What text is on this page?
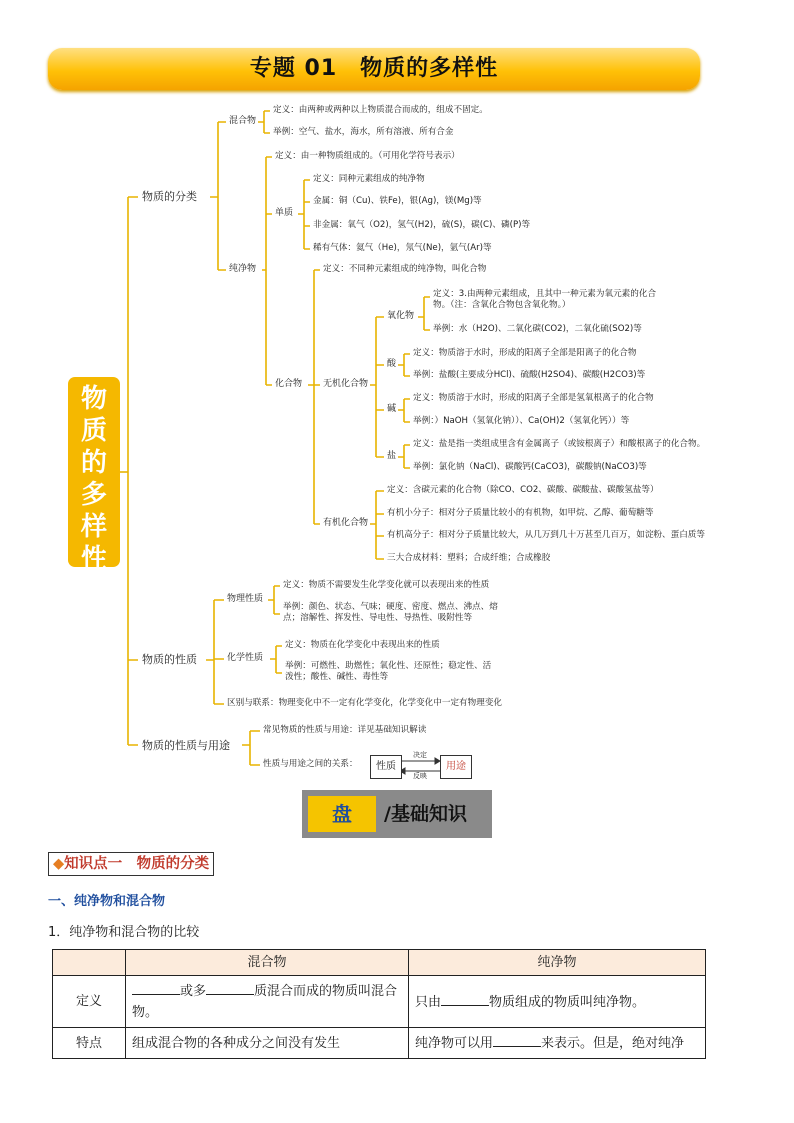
专题 01　物质的多样性
物
质
的
多
样
性
物质的分类
混合物
定义：由两种或两种以上物质混合而成的，组成不固定。
举例：空气、盐水，海水，所有溶液、所有合金
纯净物
定义：由一种物质组成的。（可用化学符号表示）
单质
定义：同种元素组成的纯净物
金属：铜（Cu)、铁Fe)，银(Ag)，镁(Mg)等
非金属：氧气（O2)，氢气(H2)，硫(S)，碳(C)、磷(P)等
稀有气体：氦气（He)，氖气(Ne)，氩气(Ar)等
化合物
定义：不同种元素组成的纯净物，叫化合物
无机化合物
氧化物
定义：3.由两种元素组成，且其中一种元素为氧元素的化合物。（注：含氧化合物包含氧化物。）
举例：水（H2O)、二氧化碳(CO2)，二氧化硫(SO2)等
酸
定义：物质溶于水时，形成的阳离子全部是阳离子的化合物
举例：盐酸(主要成分HCl)、硫酸(H2SO4)、碳酸(H2CO3)等
碱
定义：物质溶于水时，形成的阳离子全部是氢氧根离子的化合物
举例：）NaOH（氢氧化钠））、Ca(OH)2（氢氧化钙））等
盐
定义：盐是指一类组成里含有金属离子（或铵根离子）和酸根离子的化合物。
举例：氯化钠（NaCl)、碳酸钙(CaCO3)，碳酸钠(NaCO3)等
有机化合物
定义：含碳元素的化合物（除CO、CO2、碳酸、碳酸盐、碳酸氢盐等）
有机小分子：相对分子质量比较小的有机物，如甲烷、乙醇、葡萄糖等
有机高分子：相对分子质量比较大，从几万到几十万甚至几百万，如淀粉、蛋白质等
三大合成材料：塑料；合成纤维；合成橡胶
物质的性质
物理性质
定义：物质不需要发生化学变化就可以表现出来的性质
举例：颜色、状态、气味；硬度、密度、燃点、沸点、熔点；溶解性、挥发性、导电性、导热性、吸附性等
化学性质
定义：物质在化学变化中表现出来的性质
举例：可燃性、助燃性；氧化性、还原性；稳定性、活泼性；酸性、碱性、毒性等
区别与联系：物理变化中不一定有化学变化，化学变化中一定有物理变化
物质的性质与用途
常见物质的性质与用途：详见基础知识解读
性质与用途之间的关系：	性质
决定
反映
用途
盘	/基础知识
◆知识点一　物质的分类
一、纯净物和混合物
1．纯净物和混合物的比较
	混合物	纯净物
定义	或多 质混合而成的物质叫混合物。	只由 物质组成的物质叫纯净物。
特点	组成混合物的各种成分之间没有发生	纯净物可以用 来表示。但是，绝对纯净
